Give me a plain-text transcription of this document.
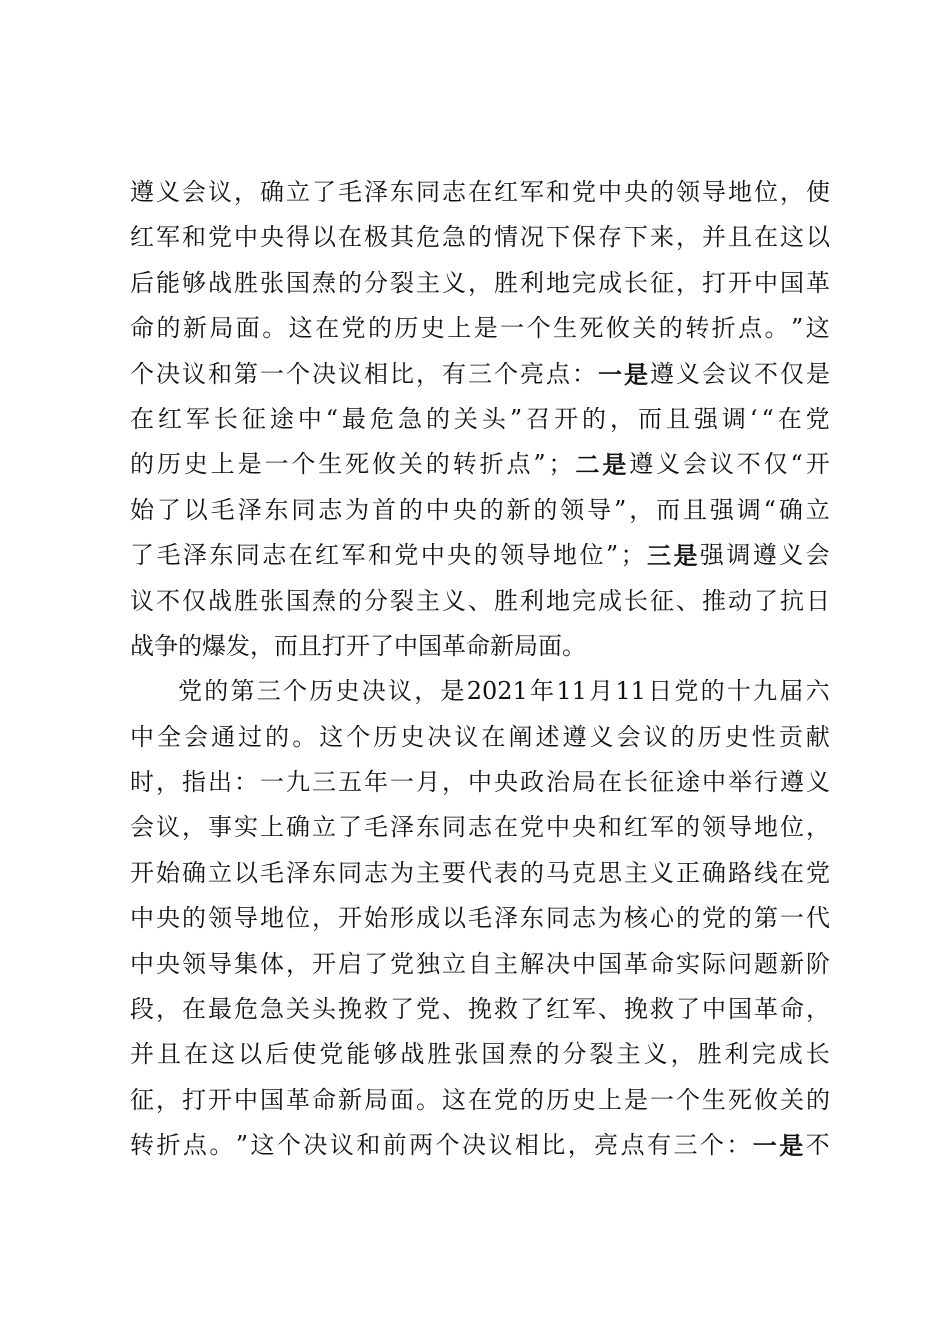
遵 义 会 议 ， 确 立 了 毛 泽 东 同 志 在 红 军 和 党 中 央 的 领 导 地 位 ， 使
红 军 和 党 中 央 得 以 在 极 其 危 急 的 情 况 下 保 存 下 来 ， 并 且 在 这 以
后 能 够 战 胜 张 国 焘 的 分 裂 主 义 ， 胜 利 地 完 成 长 征 ， 打 开 中 国 革
命 的 新 局 面 。 这 在 党 的 历 史 上 是 一 个 生 死 攸 关 的 转 折 点 。 ” 这
个 决 议 和 第 一 个 决 议 相 比 ， 有 三 个 亮 点 ： 一 是 遵 义 会 议 不 仅 是
在 红 军 长 征 途 中 “ 最 危 急 的 关 头 ” 召 开 的 ， 而 且 强 调 ‘ “ 在 党
的 历 史 上 是 一 个 生 死 攸 关 的 转 折 点 ” ； 二 是 遵 义 会 议 不 仅 “ 开
始 了 以 毛 泽 东 同 志 为 首 的 中 央 的 新 的 领 导 ” ， 而 且 强 调 “ 确 立
了 毛 泽 东 同 志 在 红 军 和 党 中 央 的 领 导 地 位 ” ； 三 是 强 调 遵 义 会
议 不 仅 战 胜 张 国 焘 的 分 裂 主 义 、 胜 利 地 完 成 长 征 、 推 动 了 抗 日
战 争 的 爆 发 ， 而 且 打 开 了 中 国 革 命 新 局 面 。
党 的 第 三 个 历 史 决 议 ， 是 2021 年 11 月 11 日 党 的 十 九 届 六
中 全 会 通 过 的 。 这 个 历 史 决 议 在 阐 述 遵 义 会 议 的 历 史 性 贡 献
时 ， 指 出 ： 一 九 三 五 年 一 月 ， 中 央 政 治 局 在 长 征 途 中 举 行 遵 义
会 议 ， 事 实 上 确 立 了 毛 泽 东 同 志 在 党 中 央 和 红 军 的 领 导 地 位 ，
开 始 确 立 以 毛 泽 东 同 志 为 主 要 代 表 的 马 克 思 主 义 正 确 路 线 在 党
中 央 的 领 导 地 位 ， 开 始 形 成 以 毛 泽 东 同 志 为 核 心 的 党 的 第 一 代
中 央 领 导 集 体 ， 开 启 了 党 独 立 自 主 解 决 中 国 革 命 实 际 问 题 新 阶
段 ， 在 最 危 急 关 头 挽 救 了 党 、 挽 救 了 红 军 、 挽 救 了 中 国 革 命 ，
并 且 在 这 以 后 使 党 能 够 战 胜 张 国 焘 的 分 裂 主 义 ， 胜 利 完 成 长
征 ， 打 开 中 国 革 命 新 局 面 。 这 在 党 的 历 史 上 是 一 个 生 死 攸 关 的
转 折 点 。 ” 这 个 决 议 和 前 两 个 决 议 相 比 ， 亮 点 有 三 个 ： 一 是 不
